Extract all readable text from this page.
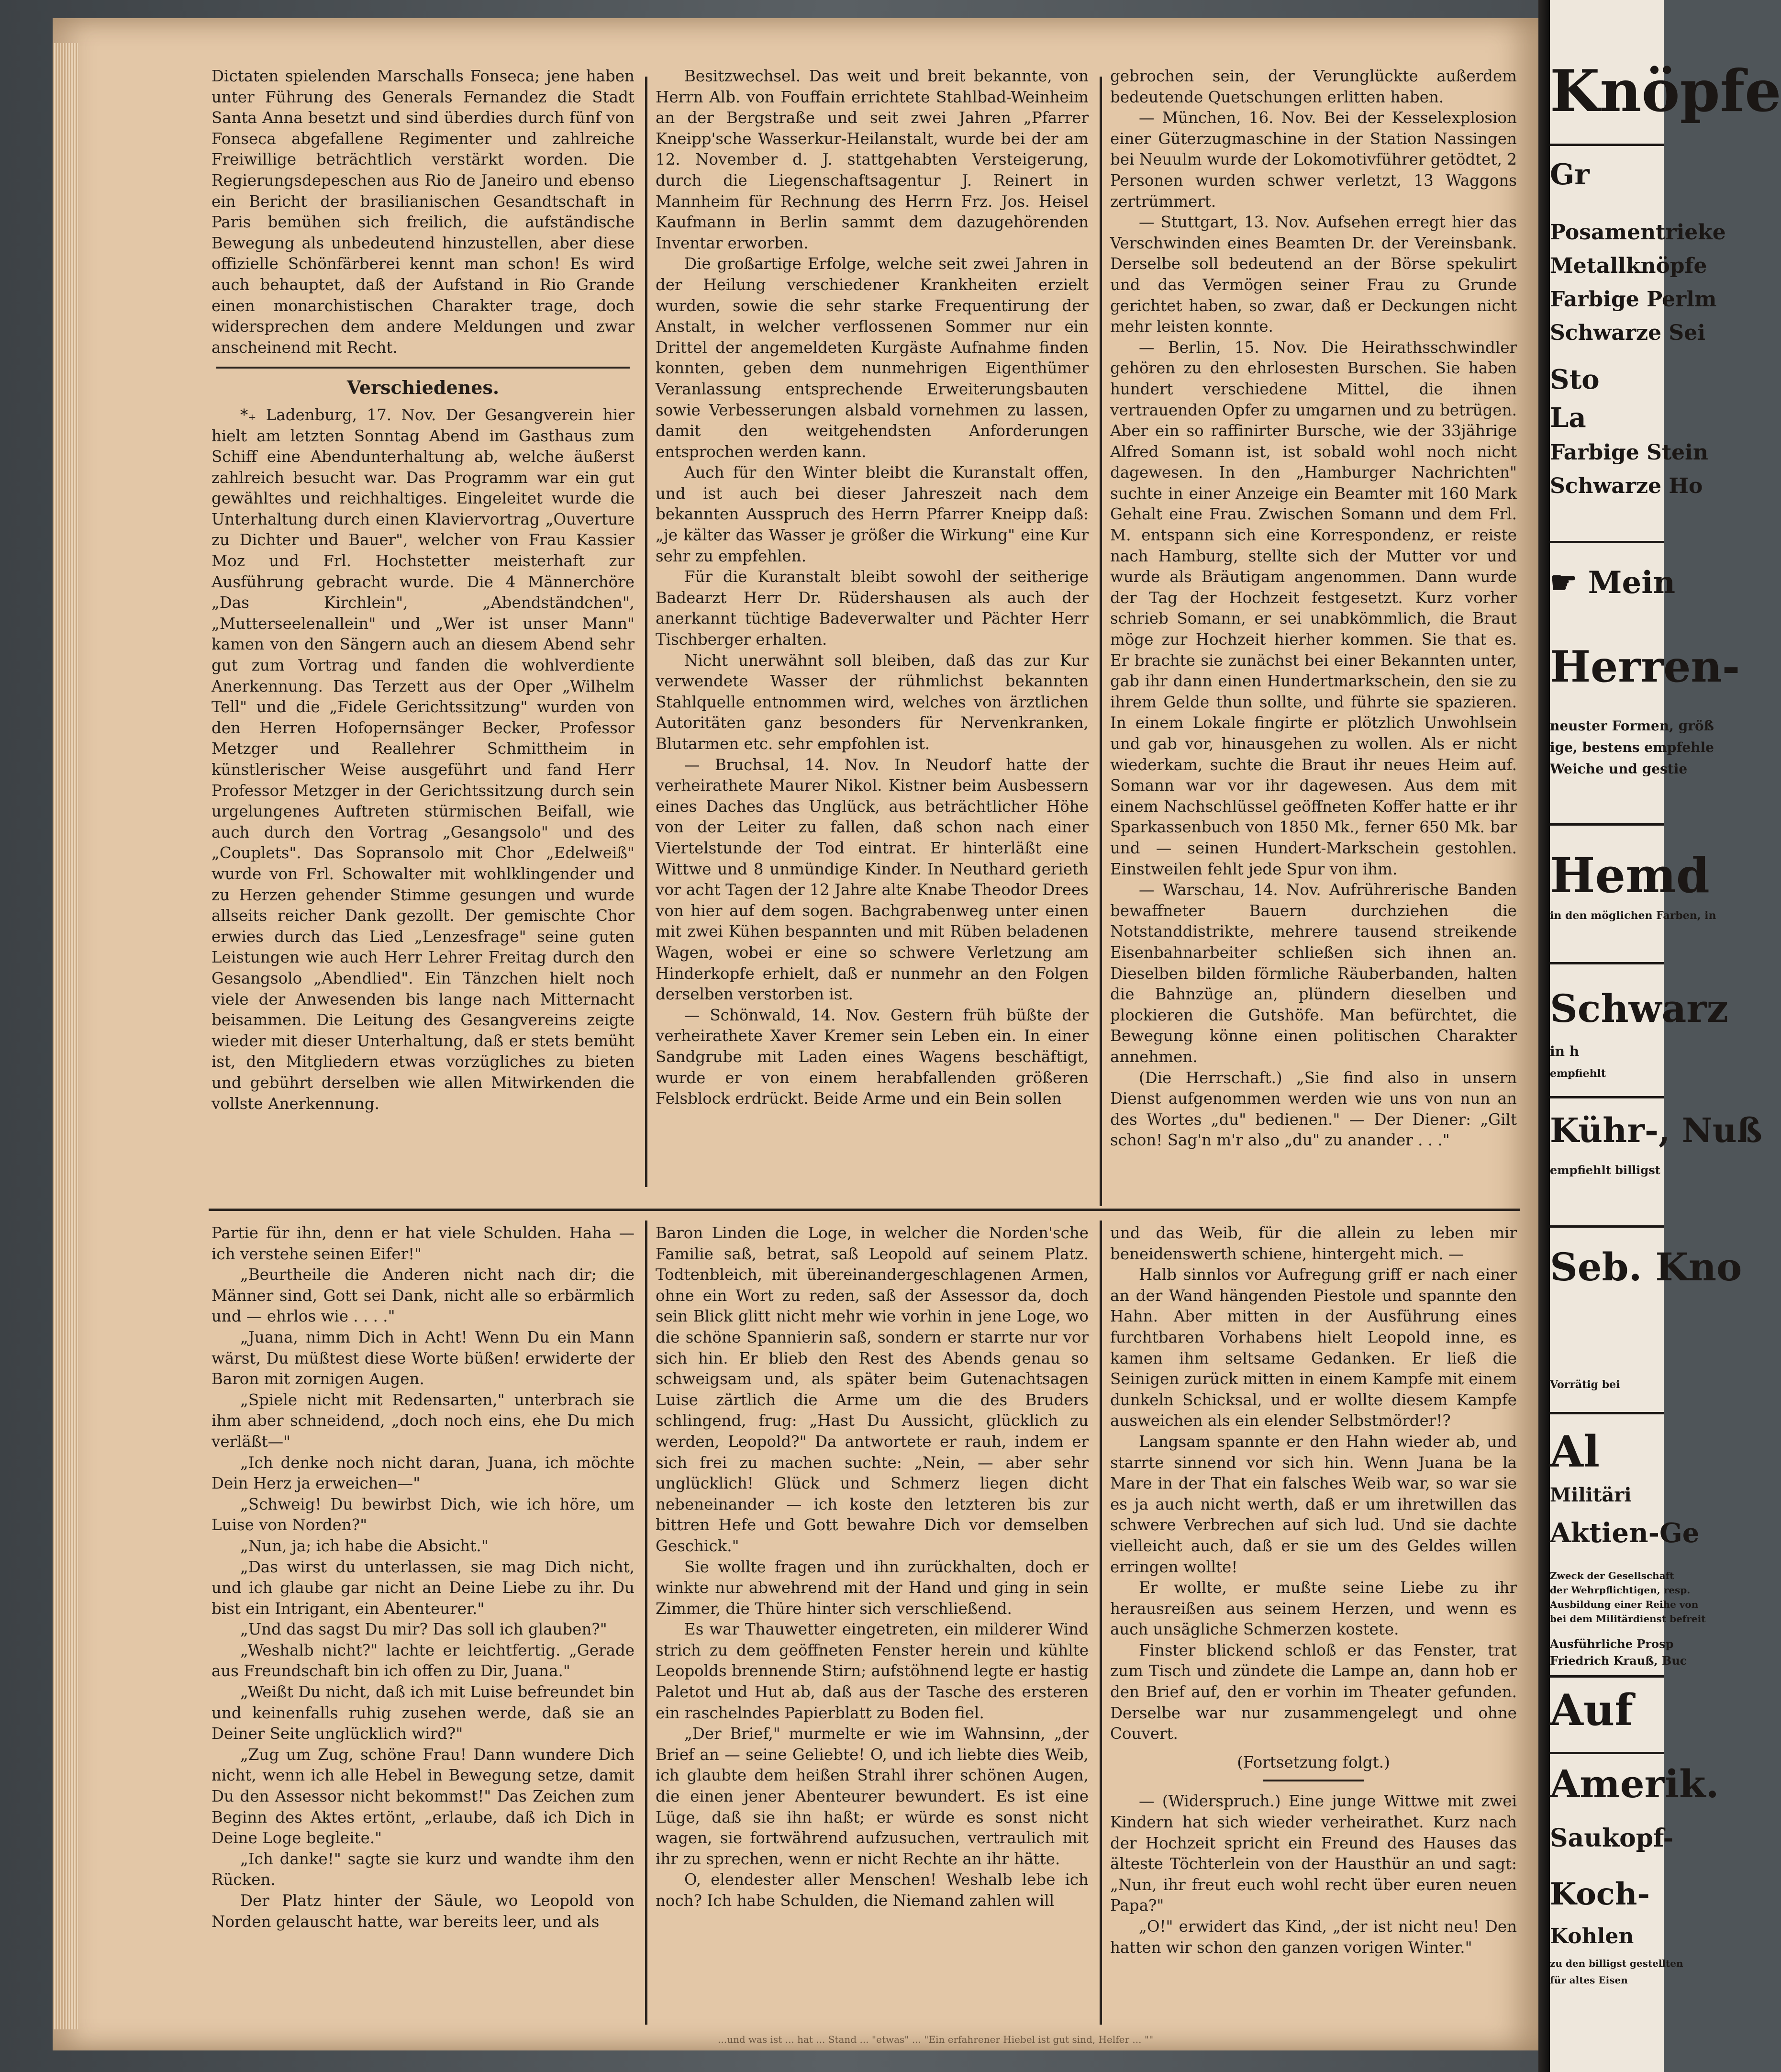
Knöpfe
Gr
Posamentrieke
Metallknöpfe
Farbige Perlm
Schwarze Sei
Sto
La
Farbige Stein
Schwarze Ho
☛ Mein
Herren-
neuster Formen, größ
ige, bestens empfehle
Weiche und gestie
Hemd
in den möglichen Farben, in
Schwarz
in h
empfiehlt
Kühr-, Nuß
empfiehlt billigst
Seb. Kno
Vorrätig bei
Al
Militäri
Aktien-Ge
Zweck der Gesellschaft
der Wehrpflichtigen, resp.
Ausbildung einer Reihe von
bei dem Militärdienst befreit
Ausführliche Prosp
Friedrich Krauß, Buc
Auf
Amerik.
Saukopf-
Koch-
Kohlen
zu den billigst gestellten
für altes Eisen

Dictaten spielenden Marschalls Fonseca; jene haben unter Führung des Generals Fernandez die Stadt Santa Anna besetzt und sind überdies durch fünf von Fonseca abgefallene Regimenter und zahlreiche Freiwillige beträchtlich verstärkt worden. Die Regierungsdepeschen aus Rio de Janeiro und ebenso ein Bericht der brasilianischen Gesandtschaft in Paris bemühen sich freilich, die aufständische Bewegung als unbedeutend hinzustellen, aber diese offizielle Schönfärberei kennt man schon! Es wird auch behauptet, daß der Aufstand in Rio Grande einen monarchistischen Charakter trage, doch widersprechen dem andere Meldungen und zwar anscheinend mit Recht.

Verschiedenes.

*₊ Ladenburg, 17. Nov. Der Gesangverein hier hielt am letzten Sonntag Abend im Gasthaus zum Schiff eine Abendunterhaltung ab, welche äußerst zahlreich besucht war. Das Programm war ein gut gewähltes und reichhaltiges. Eingeleitet wurde die Unterhaltung durch einen Klaviervortrag „Ouverture zu Dichter und Bauer", welcher von Frau Kassier Moz und Frl. Hochstetter meisterhaft zur Ausführung gebracht wurde. Die 4 Männerchöre „Das Kirchlein", „Abendständchen", „Mutterseelenallein" und „Wer ist unser Mann" kamen von den Sängern auch an diesem Abend sehr gut zum Vortrag und fanden die wohlverdiente Anerkennung. Das Terzett aus der Oper „Wilhelm Tell" und die „Fidele Gerichtssitzung" wurden von den Herren Hofopernsänger Becker, Professor Metzger und Reallehrer Schmittheim in künstlerischer Weise ausgeführt und fand Herr Professor Metzger in der Gerichtssitzung durch sein urgelungenes Auftreten stürmischen Beifall, wie auch durch den Vortrag „Gesangsolo" und des „Couplets". Das Sopransolo mit Chor „Edelweiß" wurde von Frl. Schowalter mit wohlklingender und zu Herzen gehender Stimme gesungen und wurde allseits reicher Dank gezollt. Der gemischte Chor erwies durch das Lied „Lenzesfrage" seine guten Leistungen wie auch Herr Lehrer Freitag durch den Gesangsolo „Abendlied". Ein Tänzchen hielt noch viele der Anwesenden bis lange nach Mitternacht beisammen. Die Leitung des Gesangvereins zeigte wieder mit dieser Unterhaltung, daß er stets bemüht ist, den Mitgliedern etwas vorzügliches zu bieten und gebührt derselben wie allen Mitwirkenden die vollste Anerkennung.

Besitzwechsel. Das weit und breit bekannte, von Herrn Alb. von Fouffain errichtete Stahlbad-Weinheim an der Bergstraße und seit zwei Jahren „Pfarrer Kneipp'sche Wasserkur-Heilanstalt, wurde bei der am 12. November d. J. stattgehabten Versteigerung, durch die Liegenschaftsagentur J. Reinert in Mannheim für Rechnung des Herrn Frz. Jos. Heisel Kaufmann in Berlin sammt dem dazugehörenden Inventar erworben.

Die großartige Erfolge, welche seit zwei Jahren in der Heilung verschiedener Krankheiten erzielt wurden, sowie die sehr starke Frequentirung der Anstalt, in welcher verflossenen Sommer nur ein Drittel der angemeldeten Kurgäste Aufnahme finden konnten, geben dem nunmehrigen Eigenthümer Veranlassung entsprechende Erweiterungsbauten sowie Verbesserungen alsbald vornehmen zu lassen, damit den weitgehendsten Anforderungen entsprochen werden kann.

Auch für den Winter bleibt die Kuranstalt offen, und ist auch bei dieser Jahreszeit nach dem bekannten Ausspruch des Herrn Pfarrer Kneipp daß: „je kälter das Wasser je größer die Wirkung" eine Kur sehr zu empfehlen.

Für die Kuranstalt bleibt sowohl der seitherige Badearzt Herr Dr. Rüdershausen als auch der anerkannt tüchtige Badeverwalter und Pächter Herr Tischberger erhalten.

Nicht unerwähnt soll bleiben, daß das zur Kur verwendete Wasser der rühmlichst bekannten Stahlquelle entnommen wird, welches von ärztlichen Autoritäten ganz besonders für Nervenkranken, Blutarmen etc. sehr empfohlen ist.

— Bruchsal, 14. Nov. In Neudorf hatte der verheirathete Maurer Nikol. Kistner beim Ausbessern eines Daches das Unglück, aus beträchtlicher Höhe von der Leiter zu fallen, daß schon nach einer Viertelstunde der Tod eintrat. Er hinterläßt eine Wittwe und 8 unmündige Kinder. In Neuthard gerieth vor acht Tagen der 12 Jahre alte Knabe Theodor Drees von hier auf dem sogen. Bachgrabenweg unter einen mit zwei Kühen bespannten und mit Rüben beladenen Wagen, wobei er eine so schwere Verletzung am Hinderkopfe erhielt, daß er nunmehr an den Folgen derselben verstorben ist.

— Schönwald, 14. Nov. Gestern früh büßte der verheirathete Xaver Kremer sein Leben ein. In einer Sandgrube mit Laden eines Wagens beschäftigt, wurde er von einem herabfallenden größeren Felsblock erdrückt. Beide Arme und ein Bein sollen

gebrochen sein, der Verunglückte außerdem bedeutende Quetschungen erlitten haben.

— München, 16. Nov. Bei der Kesselexplosion einer Güterzugmaschine in der Station Nassingen bei Neuulm wurde der Lokomotivführer getödtet, 2 Personen wurden schwer verletzt, 13 Waggons zertrümmert.

— Stuttgart, 13. Nov. Aufsehen erregt hier das Verschwinden eines Beamten Dr. der Vereinsbank. Derselbe soll bedeutend an der Börse spekulirt und das Vermögen seiner Frau zu Grunde gerichtet haben, so zwar, daß er Deckungen nicht mehr leisten konnte.

— Berlin, 15. Nov. Die Heirathsschwindler gehören zu den ehrlosesten Burschen. Sie haben hundert verschiedene Mittel, die ihnen vertrauenden Opfer zu umgarnen und zu betrügen. Aber ein so raffinirter Bursche, wie der 33jährige Alfred Somann ist, ist sobald wohl noch nicht dagewesen. In den „Hamburger Nachrichten" suchte in einer Anzeige ein Beamter mit 160 Mark Gehalt eine Frau. Zwischen Somann und dem Frl. M. entspann sich eine Korrespondenz, er reiste nach Hamburg, stellte sich der Mutter vor und wurde als Bräutigam angenommen. Dann wurde der Tag der Hochzeit festgesetzt. Kurz vorher schrieb Somann, er sei unabkömmlich, die Braut möge zur Hochzeit hierher kommen. Sie that es. Er brachte sie zunächst bei einer Bekannten unter, gab ihr dann einen Hundertmarkschein, den sie zu ihrem Gelde thun sollte, und führte sie spazieren. In einem Lokale fingirte er plötzlich Unwohlsein und gab vor, hinausgehen zu wollen. Als er nicht wiederkam, suchte die Braut ihr neues Heim auf. Somann war vor ihr dagewesen. Aus dem mit einem Nachschlüssel geöffneten Koffer hatte er ihr Sparkassenbuch von 1850 Mk., ferner 650 Mk. bar und — seinen Hundert-Markschein gestohlen. Einstweilen fehlt jede Spur von ihm.

— Warschau, 14. Nov. Aufrührerische Banden bewaffneter Bauern durchziehen die Notstanddistrikte, mehrere tausend streikende Eisenbahnarbeiter schließen sich ihnen an. Dieselben bilden förmliche Räuberbanden, halten die Bahnzüge an, plündern dieselben und plockieren die Gutshöfe. Man befürchtet, die Bewegung könne einen politischen Charakter annehmen.

(Die Herrschaft.) „Sie find also in unsern Dienst aufgenommen werden wie uns von nun an des Wortes „du" bedienen." — Der Diener: „Gilt schon! Sag'n m'r also „du" zu anander . . ."

Partie für ihn, denn er hat viele Schulden. Haha — ich verstehe seinen Eifer!"

„Beurtheile die Anderen nicht nach dir; die Männer sind, Gott sei Dank, nicht alle so erbärmlich und — ehrlos wie . . . ."

„Juana, nimm Dich in Acht! Wenn Du ein Mann wärst, Du müßtest diese Worte büßen! erwiderte der Baron mit zornigen Augen.

„Spiele nicht mit Redensarten," unterbrach sie ihm aber schneidend, „doch noch eins, ehe Du mich verläßt—"

„Ich denke noch nicht daran, Juana, ich möchte Dein Herz ja erweichen—"

„Schweig! Du bewirbst Dich, wie ich höre, um Luise von Norden?"

„Nun, ja; ich habe die Absicht."

„Das wirst du unterlassen, sie mag Dich nicht, und ich glaube gar nicht an Deine Liebe zu ihr. Du bist ein Intrigant, ein Abenteurer."

„Und das sagst Du mir? Das soll ich glauben?"

„Weshalb nicht?" lachte er leichtfertig. „Gerade aus Freundschaft bin ich offen zu Dir, Juana."

„Weißt Du nicht, daß ich mit Luise befreundet bin und keinenfalls ruhig zusehen werde, daß sie an Deiner Seite unglücklich wird?"

„Zug um Zug, schöne Frau! Dann wundere Dich nicht, wenn ich alle Hebel in Bewegung setze, damit Du den Assessor nicht bekommst!" Das Zeichen zum Beginn des Aktes ertönt, „erlaube, daß ich Dich in Deine Loge begleite."

„Ich danke!" sagte sie kurz und wandte ihm den Rücken.

Der Platz hinter der Säule, wo Leopold von Norden gelauscht hatte, war bereits leer, und als

Baron Linden die Loge, in welcher die Norden'sche Familie saß, betrat, saß Leopold auf seinem Platz. Todtenbleich, mit übereinandergeschlagenen Armen, ohne ein Wort zu reden, saß der Assessor da, doch sein Blick glitt nicht mehr wie vorhin in jene Loge, wo die schöne Spannierin saß, sondern er starrte nur vor sich hin. Er blieb den Rest des Abends genau so schweigsam und, als später beim Gutenachtsagen Luise zärtlich die Arme um die des Bruders schlingend, frug: „Hast Du Aussicht, glücklich zu werden, Leopold?" Da antwortete er rauh, indem er sich frei zu machen suchte: „Nein, — aber sehr unglücklich! Glück und Schmerz liegen dicht nebeneinander — ich koste den letzteren bis zur bittren Hefe und Gott bewahre Dich vor demselben Geschick."

Sie wollte fragen und ihn zurückhalten, doch er winkte nur abwehrend mit der Hand und ging in sein Zimmer, die Thüre hinter sich verschließend.

Es war Thauwetter eingetreten, ein milderer Wind strich zu dem geöffneten Fenster herein und kühlte Leopolds brennende Stirn; aufstöhnend legte er hastig Paletot und Hut ab, daß aus der Tasche des ersteren ein raschelndes Papierblatt zu Boden fiel.

„Der Brief," murmelte er wie im Wahnsinn, „der Brief an — seine Geliebte! O, und ich liebte dies Weib, ich glaubte dem heißen Strahl ihrer schönen Augen, die einen jener Abenteurer bewundert. Es ist eine Lüge, daß sie ihn haßt; er würde es sonst nicht wagen, sie fortwährend aufzusuchen, vertraulich mit ihr zu sprechen, wenn er nicht Rechte an ihr hätte.

O, elendester aller Menschen! Weshalb lebe ich noch? Ich habe Schulden, die Niemand zahlen will

und das Weib, für die allein zu leben mir beneidenswerth schiene, hintergeht mich. —

Halb sinnlos vor Aufregung griff er nach einer an der Wand hängenden Piestole und spannte den Hahn. Aber mitten in der Ausführung eines furchtbaren Vorhabens hielt Leopold inne, es kamen ihm seltsame Gedanken. Er ließ die Seinigen zurück mitten in einem Kampfe mit einem dunkeln Schicksal, und er wollte diesem Kampfe ausweichen als ein elender Selbstmörder!?

Langsam spannte er den Hahn wieder ab, und starrte sinnend vor sich hin. Wenn Juana be la Mare in der That ein falsches Weib war, so war sie es ja auch nicht werth, daß er um ihretwillen das schwere Verbrechen auf sich lud. Und sie dachte vielleicht auch, daß er sie um des Geldes willen erringen wollte!

Er wollte, er mußte seine Liebe zu ihr herausreißen aus seinem Herzen, und wenn es auch unsägliche Schmerzen kostete.

Finster blickend schloß er das Fenster, trat zum Tisch und zündete die Lampe an, dann hob er den Brief auf, den er vorhin im Theater gefunden. Derselbe war nur zusammengelegt und ohne Couvert.

(Fortsetzung folgt.)

— (Widerspruch.) Eine junge Wittwe mit zwei Kindern hat sich wieder verheirathet. Kurz nach der Hochzeit spricht ein Freund des Hauses das älteste Töchterlein von der Hausthür an und sagt: „Nun, ihr freut euch wohl recht über euren neuen Papa?"

„O!" erwidert das Kind, „der ist nicht neu! Den hatten wir schon den ganzen vorigen Winter."

...und was ist ... hat ... Stand ... "etwas" ... "Ein erfahrener Hiebel ist gut sind, Helfer ... ""
